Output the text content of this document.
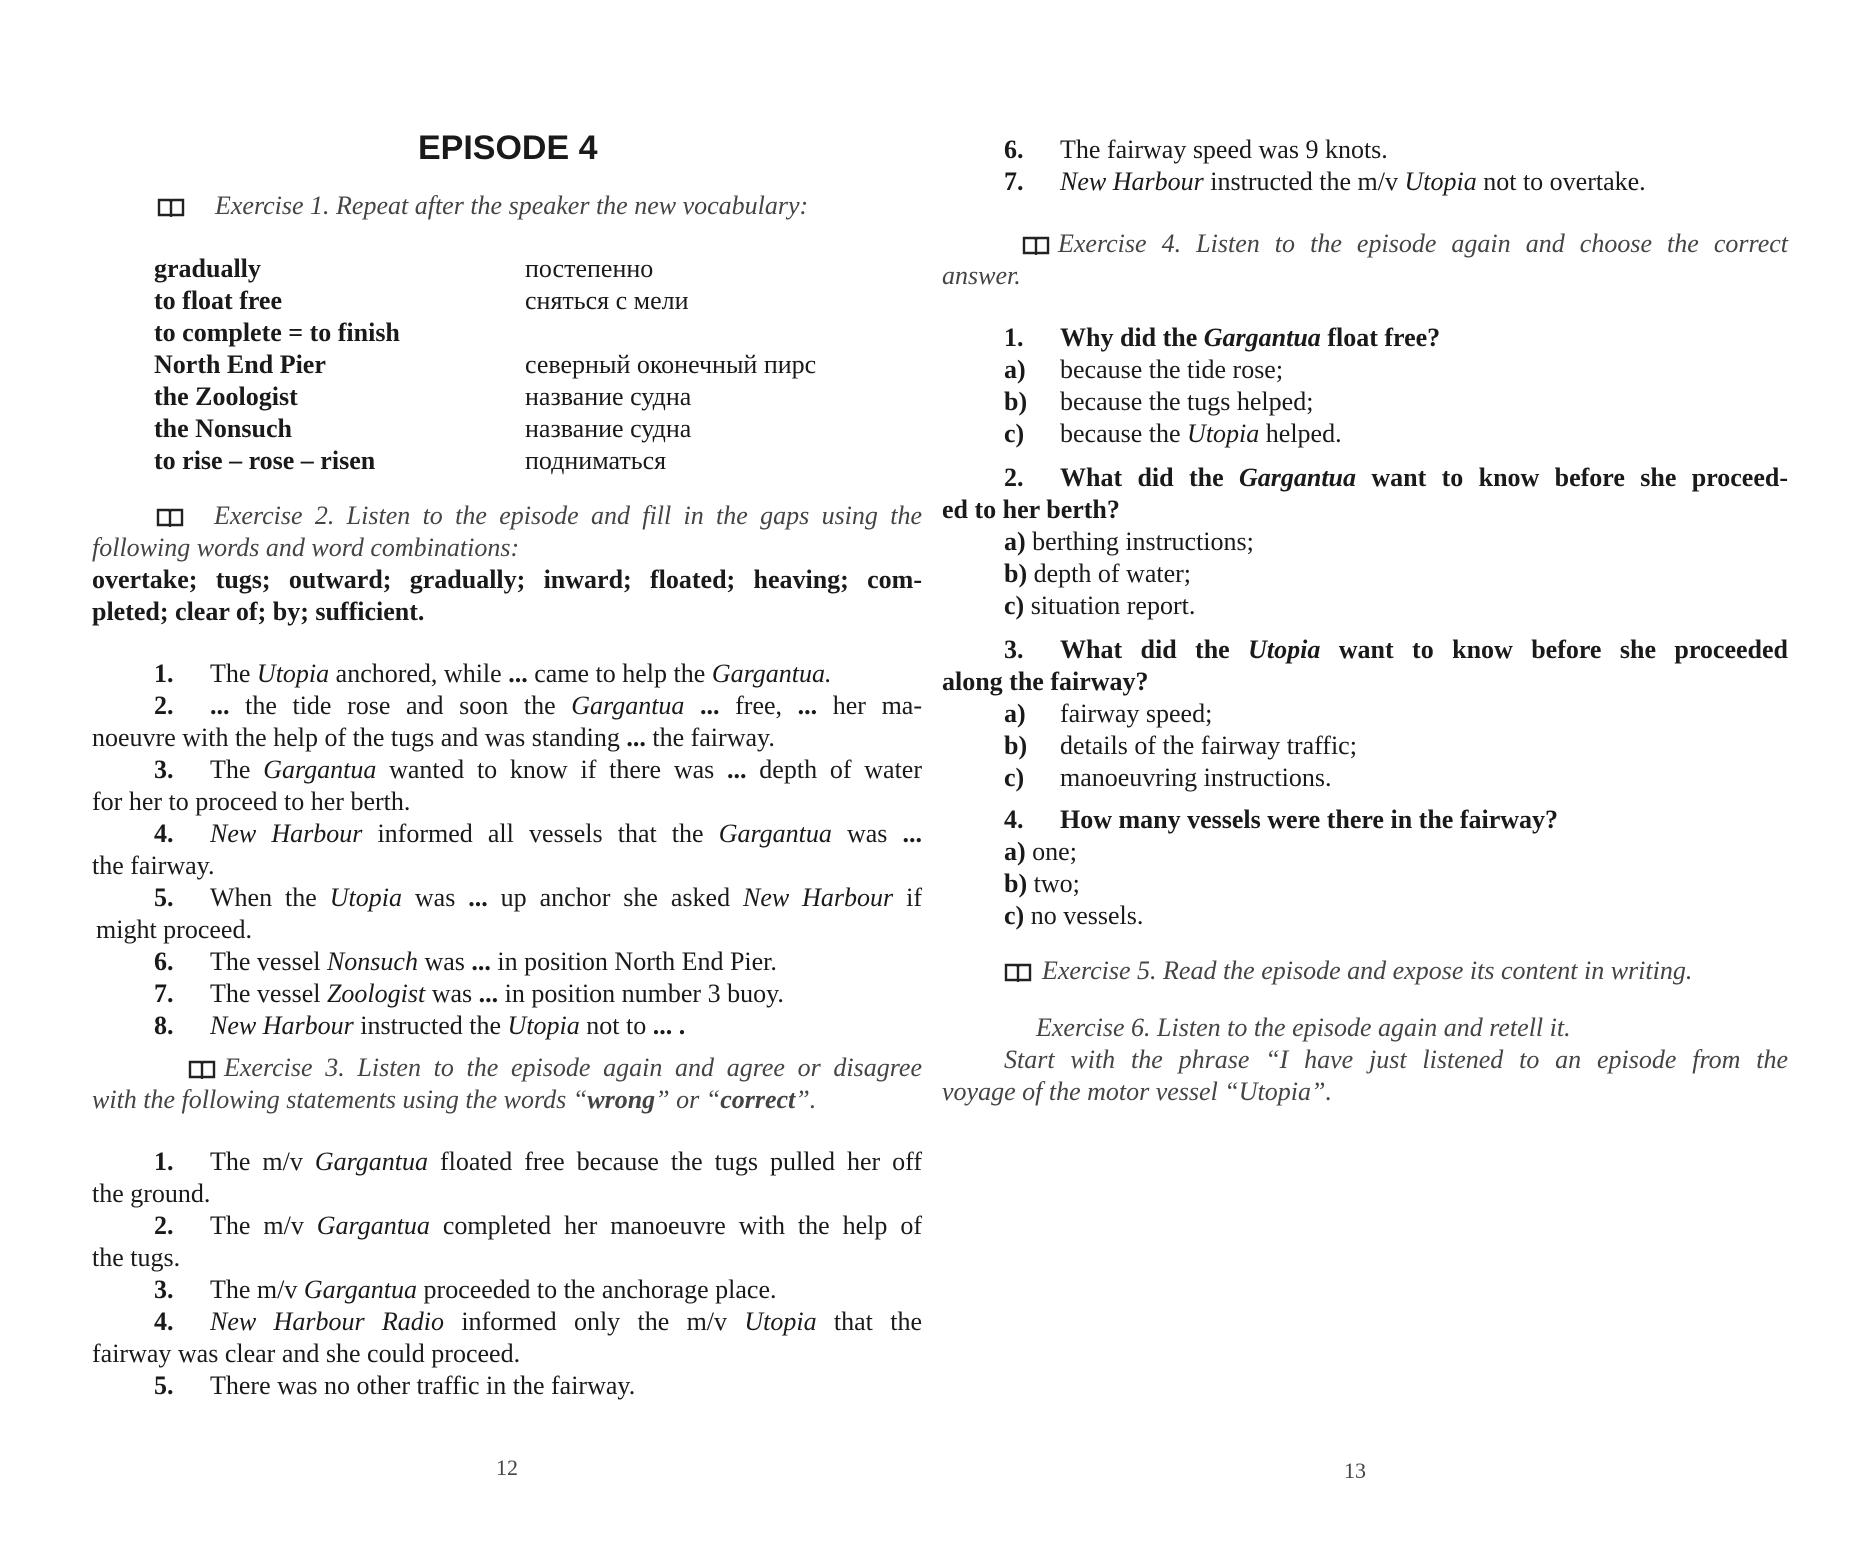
EPISODE 4
Exercise 1. Repeat after the speaker the new vocabulary:
gradually	постепенно
to float free	сняться с мели
to complete = to finish
North End Pier	северный оконечный пирс
the Zoologist	название судна
the Nonsuch	название судна
to rise – rose – risen	подниматься
Exercise 2. Listen to the episode and fill in the gaps using the
following words and word combinations:
overtake; tugs; outward; gradually; inward; floated; heaving; com-
pleted; clear of; by; sufficient.
1. The Utopia anchored, while ... came to help the Gargantua.
2. ... the tide rose and soon the Gargantua ... free, ... her ma-
noeuvre with the help of the tugs and was standing ... the fairway.
3. The Gargantua wanted to know if there was ... depth of water
for her to proceed to her berth.
4. New Harbour informed all vessels that the Gargantua was ...
the fairway.
5. When the Utopia was ... up anchor she asked New Harbour if
might proceed.
6. The vessel Nonsuch was ... in position North End Pier.
7. The vessel Zoologist was ... in position number 3 buoy.
8. New Harbour instructed the Utopia not to ... .
Exercise 3. Listen to the episode again and agree or disagree
with the following statements using the words “wrong” or “correct”.
1. The m/v Gargantua floated free because the tugs pulled her off
the ground.
2. The m/v Gargantua completed her manoeuvre with the help of
the tugs.
3. The m/v Gargantua proceeded to the anchorage place.
4. New Harbour Radio informed only the m/v Utopia that the
fairway was clear and she could proceed.
5. There was no other traffic in the fairway.
12
6. The fairway speed was 9 knots.
7. New Harbour instructed the m/v Utopia not to overtake.
Exercise 4. Listen to the episode again and choose the correct
answer.
1. Why did the Gargantua float free?
a) because the tide rose;
b) because the tugs helped;
c) because the Utopia helped.
2. What did the Gargantua want to know before she proceed-
ed to her berth?
a) berthing instructions;
b) depth of water;
c) situation report.
3. What did the Utopia want to know before she proceeded
along the fairway?
a) fairway speed;
b) details of the fairway traffic;
c) manoeuvring instructions.
4. How many vessels were there in the fairway?
a) one;
b) two;
c) no vessels.
Exercise 5. Read the episode and expose its content in writing.
Exercise 6. Listen to the episode again and retell it.
Start with the phrase “I have just listened to an episode from the
voyage of the motor vessel “Utopia”.
13
